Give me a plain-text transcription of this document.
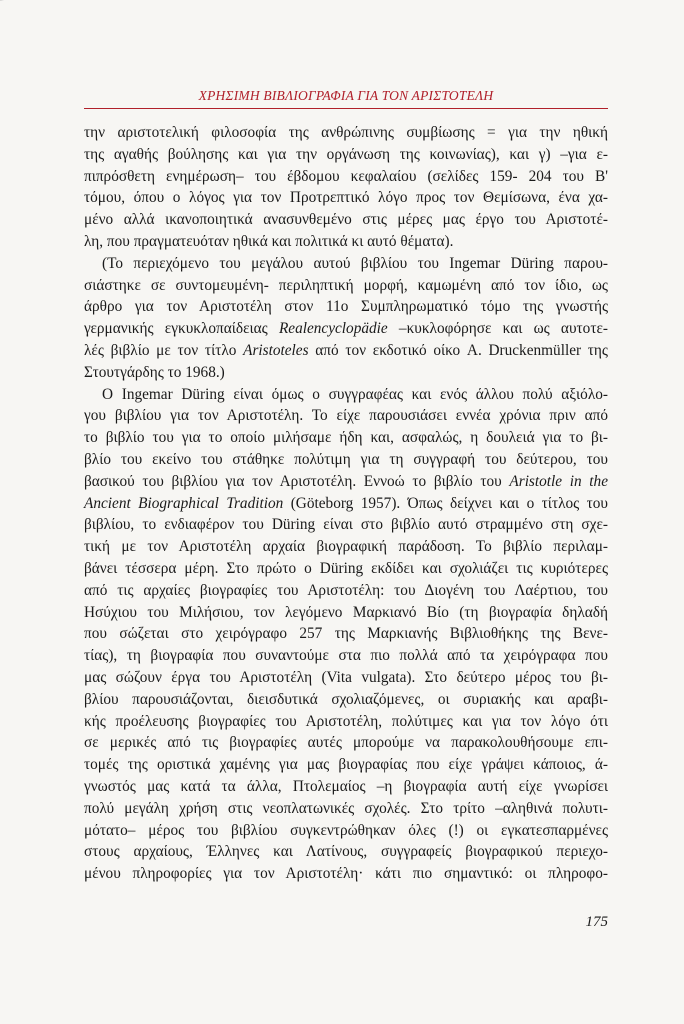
ΧΡΗΣΙΜΗ ΒΙΒΛΙΟΓΡΑΦΙΑ ΓΙΑ ΤΟΝ ΑΡΙΣΤΟΤΕΛΗ
την αριστοτελική φιλοσοφία της ανθρώπινης συμβίωσης = για την ηθική
της αγαθής βούλησης και για την οργάνωση της κοινωνίας), και γ) –για ε-
πιπρόσθετη ενημέρωση– του έβδομου κεφαλαίου (σελίδες 159- 204 του Β'
τόμου, όπου ο λόγος για τον Προτρεπτικό λόγο προς τον Θεμίσωνα, ένα χα-
μένο αλλά ικανοποιητικά ανασυνθεμένο στις μέρες μας έργο του Αριστοτέ-
λη, που πραγματευόταν ηθικά και πολιτικά κι αυτό θέματα).
(Το περιεχόμενο του μεγάλου αυτού βιβλίου του Ingemar Düring παρου-
σιάστηκε σε συντομευμένη- περιληπτική μορφή, καμωμένη από τον ίδιο, ως
άρθρο για τον Αριστοτέλη στον 11ο Συμπληρωματικό τόμο της γνωστής
γερμανικής εγκυκλοπαίδειας Realencyclopädie –κυκλοφόρησε και ως αυτοτε-
λές βιβλίο με τον τίτλο Aristoteles από τον εκδοτικό οίκο A. Druckenmüller της
Στουτγάρδης το 1968.)
Ο Ingemar Düring είναι όμως ο συγγραφέας και ενός άλλου πολύ αξιόλο-
γου βιβλίου για τον Αριστοτέλη. Το είχε παρουσιάσει εννέα χρόνια πριν από
το βιβλίο του για το οποίο μιλήσαμε ήδη και, ασφαλώς, η δουλειά για το βι-
βλίο του εκείνο του στάθηκε πολύτιμη για τη συγγραφή του δεύτερου, του
βασικού του βιβλίου για τον Αριστοτέλη. Εννοώ το βιβλίο του Aristotle in the
Ancient Biographical Tradition (Göteborg 1957). Όπως δείχνει και ο τίτλος του
βιβλίου, το ενδιαφέρον του Düring είναι στο βιβλίο αυτό στραμμένο στη σχε-
τική με τον Αριστοτέλη αρχαία βιογραφική παράδοση. Το βιβλίο περιλαμ-
βάνει τέσσερα μέρη. Στο πρώτο ο Düring εκδίδει και σχολιάζει τις κυριότερες
από τις αρχαίες βιογραφίες του Αριστοτέλη: του Διογένη του Λαέρτιου, του
Ησύχιου του Μιλήσιου, τον λεγόμενο Μαρκιανό Βίο (τη βιογραφία δηλαδή
που σώζεται στο χειρόγραφο 257 της Μαρκιανής Βιβλιοθήκης της Βενε-
τίας), τη βιογραφία που συναντούμε στα πιο πολλά από τα χειρόγραφα που
μας σώζουν έργα του Αριστοτέλη (Vita vulgata). Στο δεύτερο μέρος του βι-
βλίου παρουσιάζονται, διεισδυτικά σχολιαζόμενες, οι συριακής και αραβι-
κής προέλευσης βιογραφίες του Αριστοτέλη, πολύτιμες και για τον λόγο ότι
σε μερικές από τις βιογραφίες αυτές μπορούμε να παρακολουθήσουμε επι-
τομές της οριστικά χαμένης για μας βιογραφίας που είχε γράψει κάποιος, ά-
γνωστός μας κατά τα άλλα, Πτολεμαίος –η βιογραφία αυτή είχε γνωρίσει
πολύ μεγάλη χρήση στις νεοπλατωνικές σχολές. Στο τρίτο –αληθινά πολυτι-
μότατο– μέρος του βιβλίου συγκεντρώθηκαν όλες (!) οι εγκατεσπαρμένες
στους αρχαίους, Έλληνες και Λατίνους, συγγραφείς βιογραφικού περιεχο-
μένου πληροφορίες για τον Αριστοτέλη· κάτι πιο σημαντικό: οι πληροφο-
175
